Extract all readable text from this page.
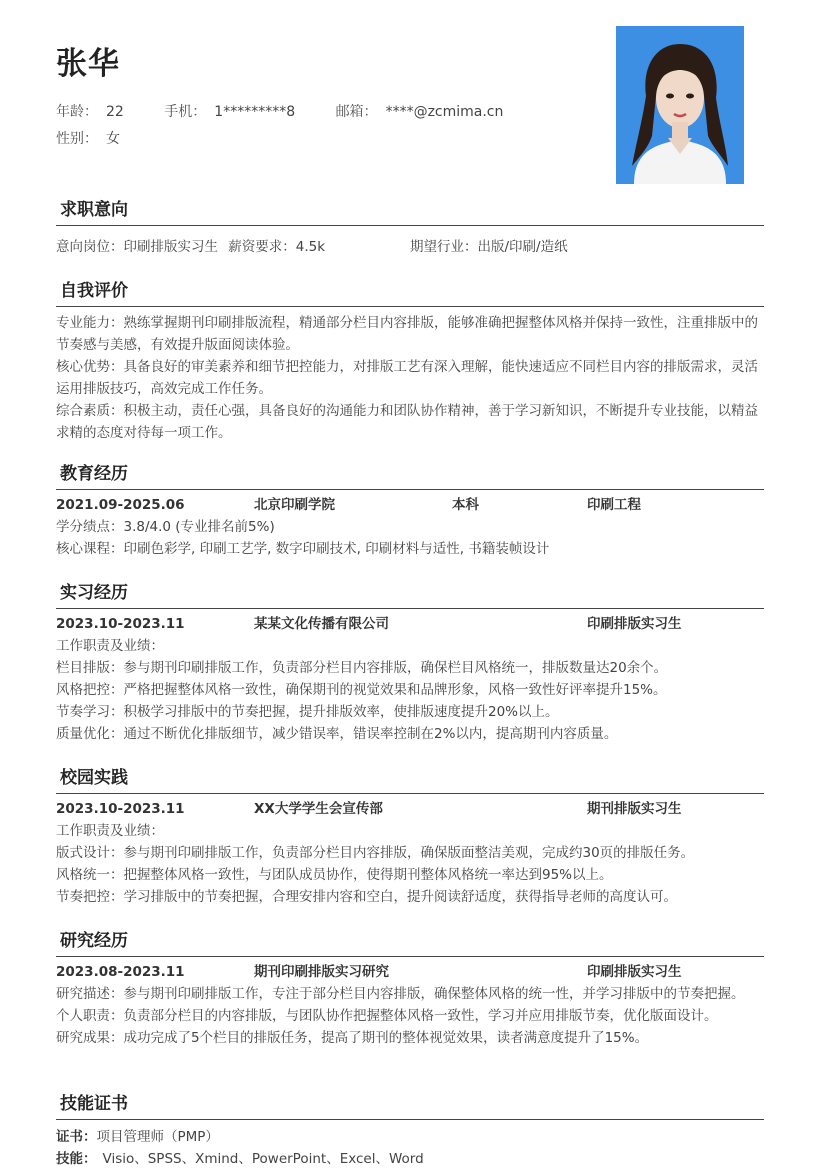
张华
年龄： 22	手机： 1*********8	邮箱： ****@zcmima.cn
性别： 女
求职意向
意向岗位：印刷排版实习生 薪资要求：4.5k	期望行业：出版/印刷/造纸
自我评价

专业能力：熟练掌握期刊印刷排版流程，精通部分栏目内容排版，能够准确把握整体风格并保持一致性，注重排版中的节奏感与美感，有效提升版面阅读体验。

核心优势：具备良好的审美素养和细节把控能力，对排版工艺有深入理解，能快速适应不同栏目内容的排版需求，灵活运用排版技巧，高效完成工作任务。

综合素质：积极主动，责任心强，具备良好的沟通能力和团队协作精神，善于学习新知识，不断提升专业技能，以精益求精的态度对待每一项工作。

教育经历
2021.09-2025.06	北京印刷学院	本科	印刷工程

学分绩点：3.8/4.0 (专业排名前5%)

核心课程：印刷色彩学, 印刷工艺学, 数字印刷技术, 印刷材料与适性, 书籍装帧设计

实习经历
2023.10-2023.11	某某文化传播有限公司	印刷排版实习生

工作职责及业绩：

栏目排版：参与期刊印刷排版工作，负责部分栏目内容排版，确保栏目风格统一，排版数量达20余个。

风格把控：严格把握整体风格一致性，确保期刊的视觉效果和品牌形象，风格一致性好评率提升15%。

节奏学习：积极学习排版中的节奏把握，提升排版效率，使排版速度提升20%以上。

质量优化：通过不断优化排版细节，减少错误率，错误率控制在2%以内，提高期刊内容质量。

校园实践
2023.10-2023.11	XX大学学生会宣传部	期刊排版实习生

工作职责及业绩：

版式设计：参与期刊印刷排版工作，负责部分栏目内容排版，确保版面整洁美观，完成约30页的排版任务。

风格统一：把握整体风格一致性，与团队成员协作，使得期刊整体风格统一率达到95%以上。

节奏把控：学习排版中的节奏把握，合理安排内容和空白，提升阅读舒适度，获得指导老师的高度认可。

研究经历
2023.08-2023.11	期刊印刷排版实习研究	印刷排版实习生

研究描述：参与期刊印刷排版工作，专注于部分栏目内容排版，确保整体风格的统一性，并学习排版中的节奏把握。

个人职责：负责部分栏目的内容排版，与团队协作把握整体风格一致性，学习并应用排版节奏，优化版面设计。

研究成果：成功完成了5个栏目的排版任务，提高了期刊的整体视觉效果，读者满意度提升了15%。

技能证书

证书：项目管理师（PMP）

技能： Visio、SPSS、Xmind、PowerPoint、Excel、Word
